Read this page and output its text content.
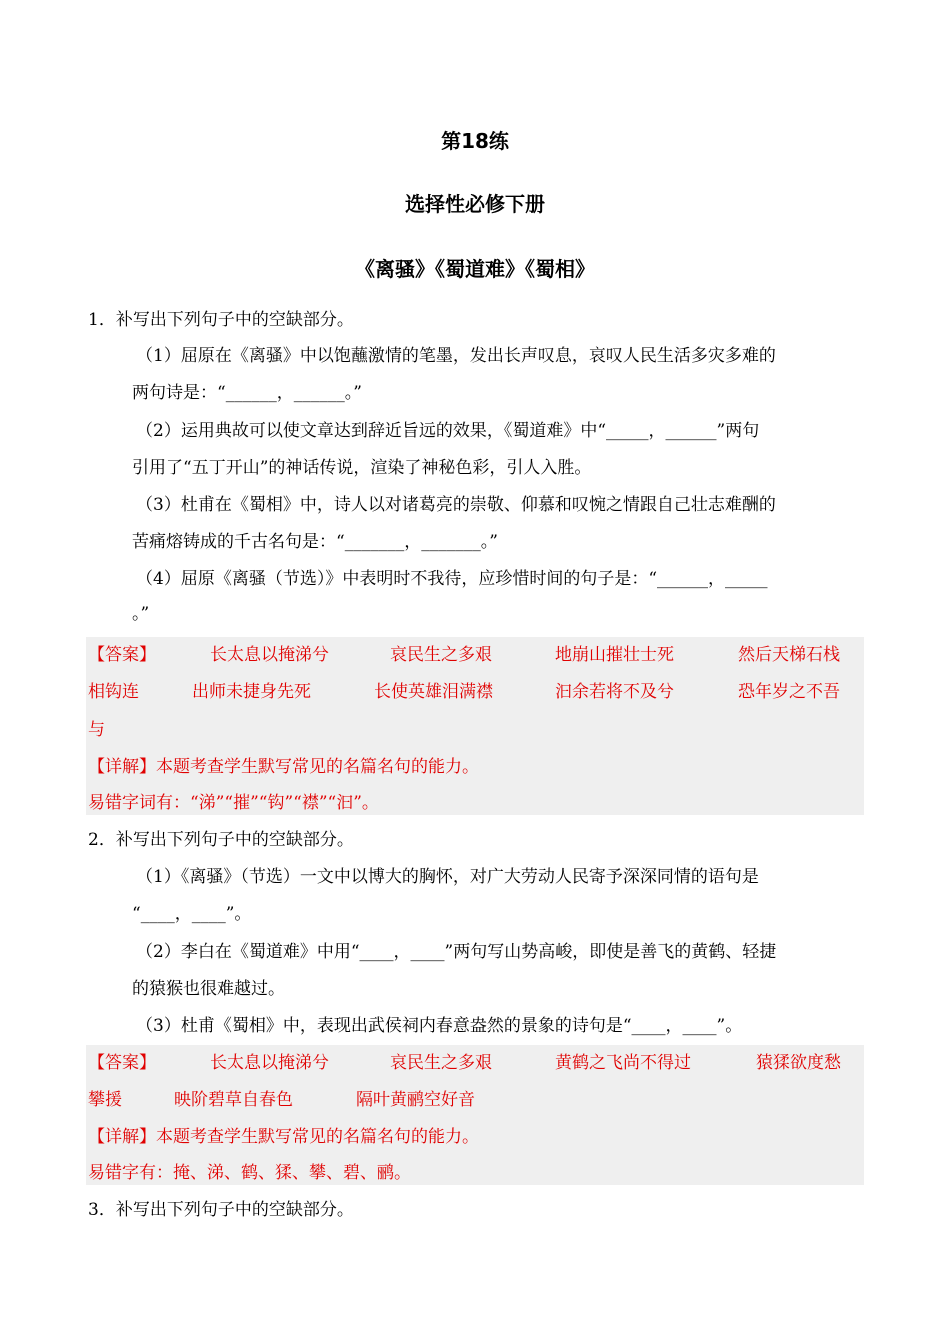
第18练
选择性必修下册
《离骚》《蜀道难》《蜀相》
1．补写出下列句子中的空缺部分。
（1）屈原在《离骚》中以饱蘸激情的笔墨，发出长声叹息，哀叹人民生活多灾多难的
两句诗是：“______，______。”
（2）运用典故可以使文章达到辞近旨远的效果，《蜀道难》中“_____，______”两句
引用了“五丁开山”的神话传说，渲染了神秘色彩，引人入胜。
（3）杜甫在《蜀相》中，诗人以对诸葛亮的崇敬、仰慕和叹惋之情跟自己壮志难酬的
苦痛熔铸成的千古名句是：“_______，_______。”
（4）屈原《离骚（节选）》中表明时不我待，应珍惜时间的句子是：“______，_____
。”
【答案】	长太息以掩涕兮	哀民生之多艰	地崩山摧壮士死	然后天梯石栈
相钩连	出师未捷身先死	长使英雄泪满襟	汩余若将不及兮	恐年岁之不吾
与
【详解】本题考查学生默写常见的名篇名句的能力。
易错字词有：“涕”“摧”“钩”“襟”“汩”。
2．补写出下列句子中的空缺部分。
（1）《离骚》（节选）一文中以博大的胸怀，对广大劳动人民寄予深深同情的语句是
“____，____”。
（2）李白在《蜀道难》中用“____，____”两句写山势高峻，即使是善飞的黄鹤、轻捷
的猿猴也很难越过。
（3）杜甫《蜀相》中，表现出武侯祠内春意盎然的景象的诗句是“____，____”。
【答案】	长太息以掩涕兮	哀民生之多艰	黄鹤之飞尚不得过	猿猱欲度愁
攀援	映阶碧草自春色	隔叶黄鹂空好音
【详解】本题考查学生默写常见的名篇名句的能力。
易错字有：掩、涕、鹤、猱、攀、碧、鹂。
3．补写出下列句子中的空缺部分。
